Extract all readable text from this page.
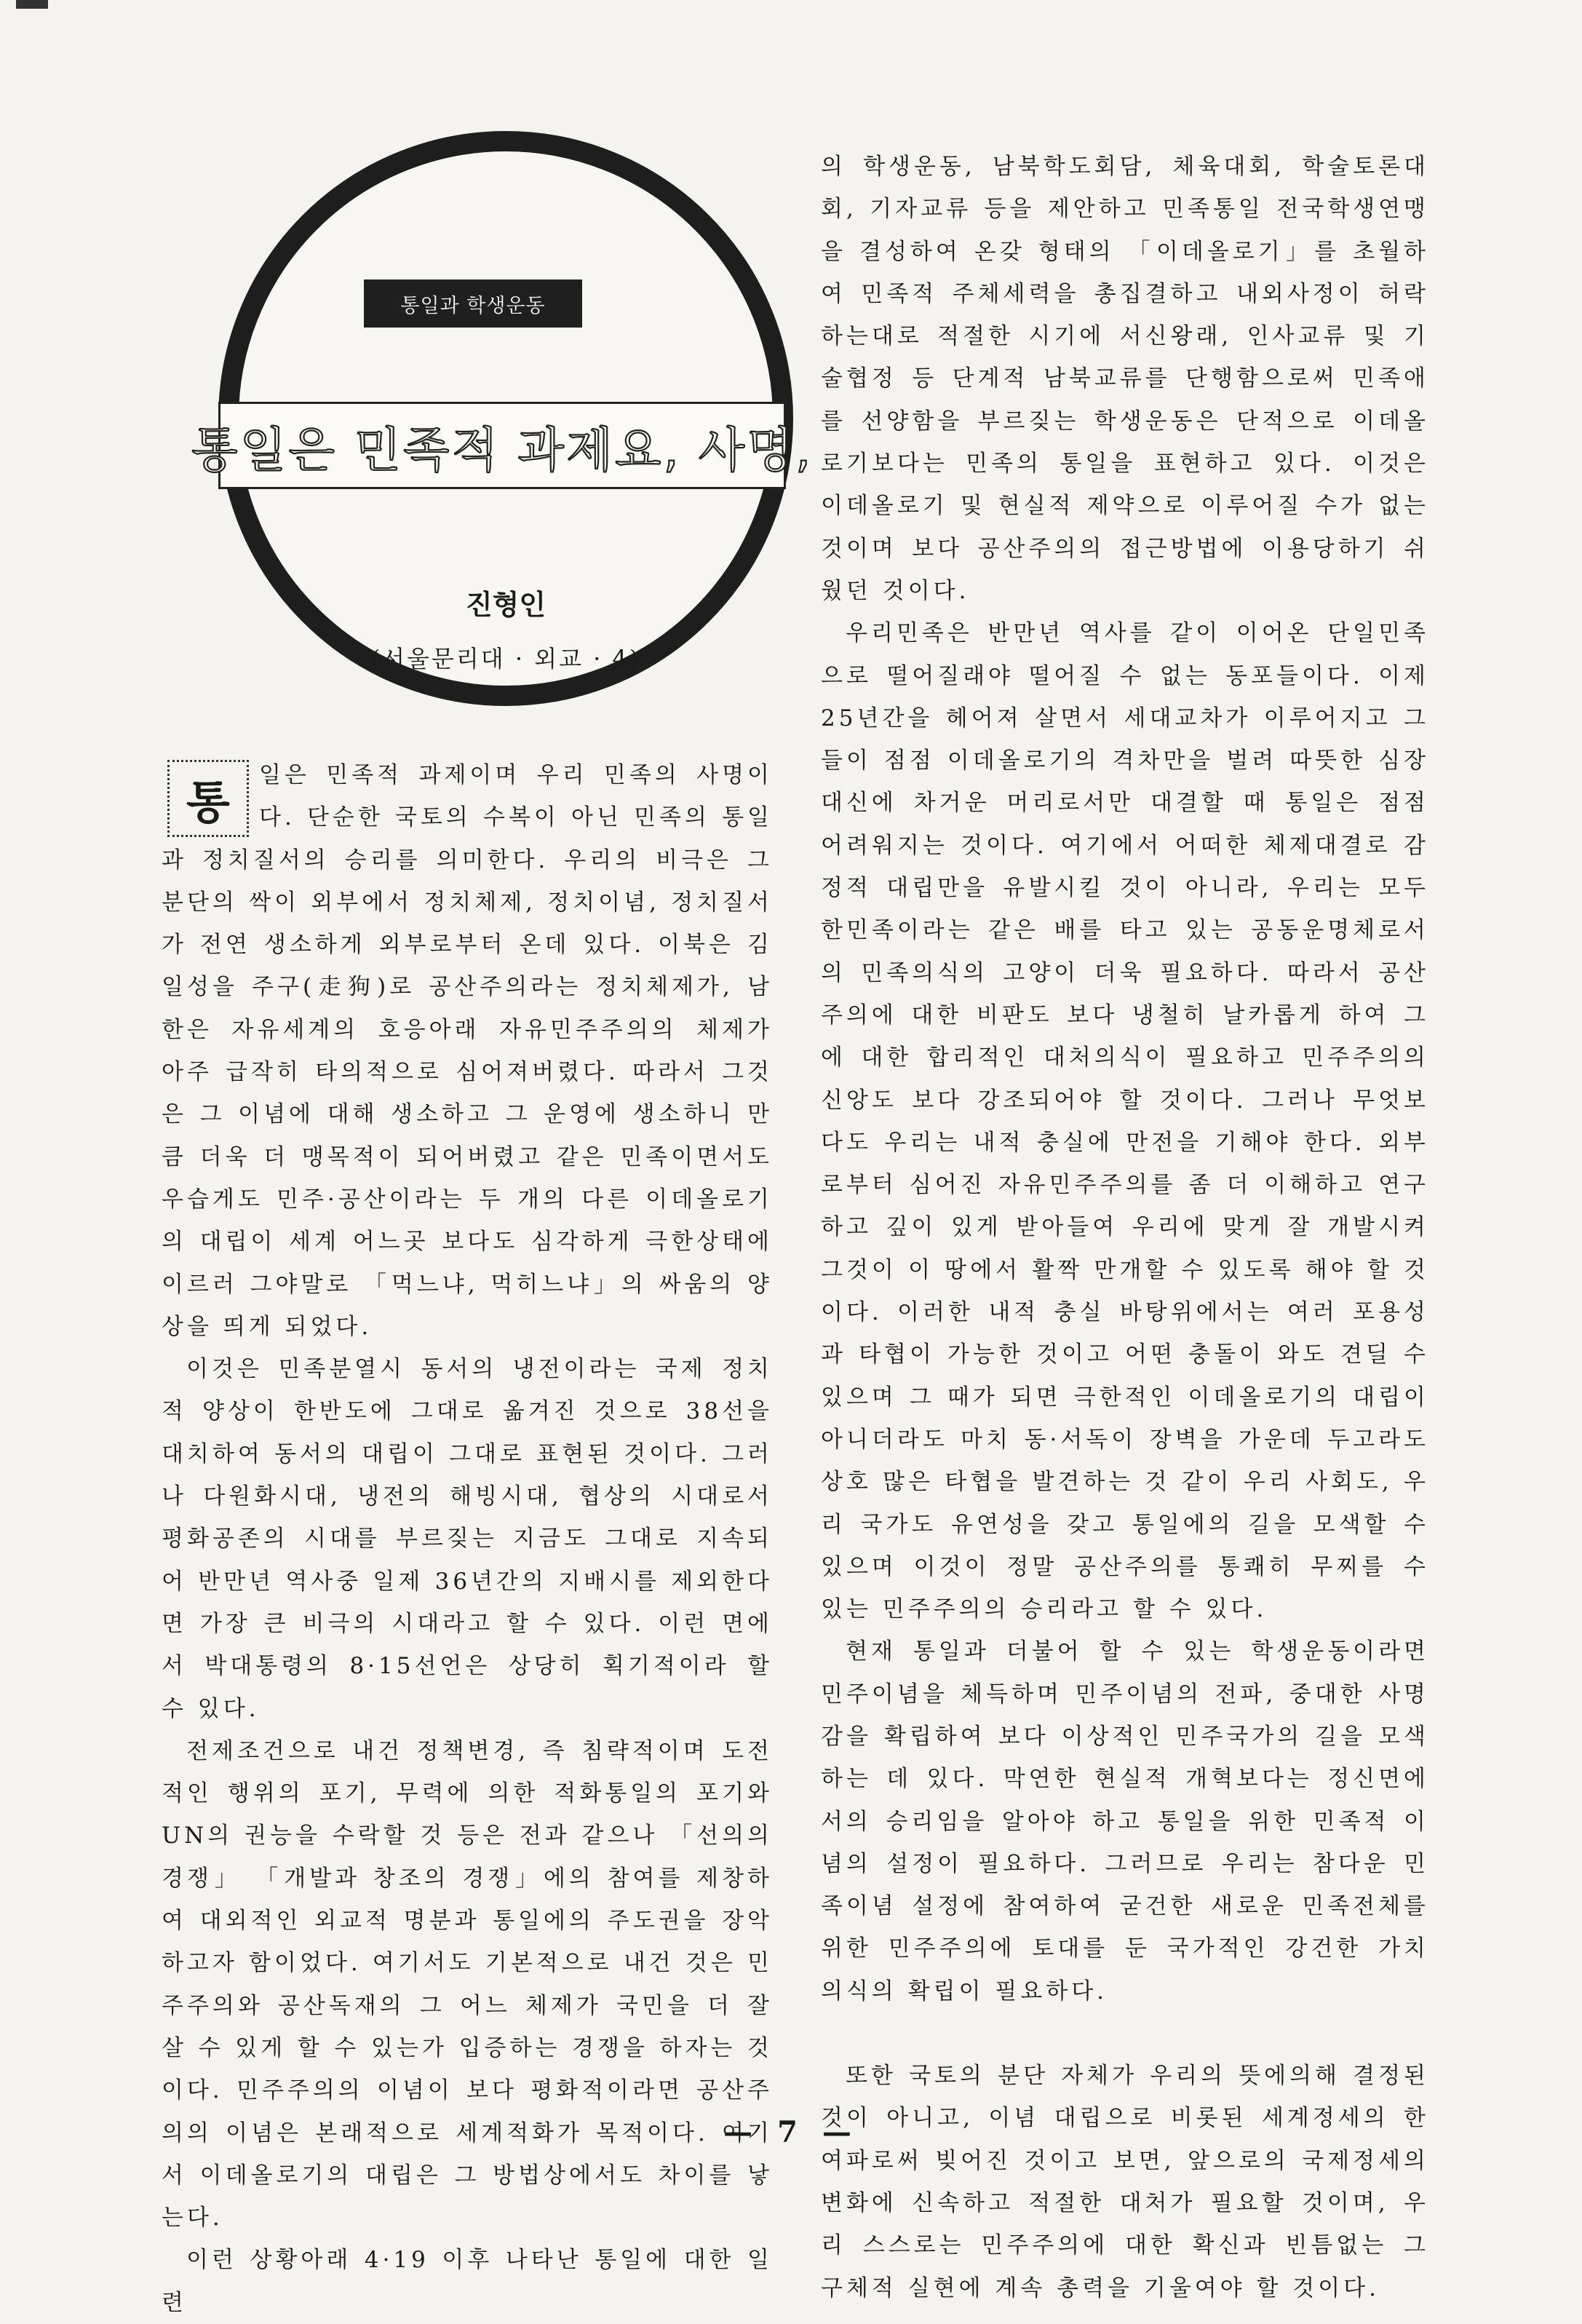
통일과 학생운동
통일은 민족적 과제요, 사명,
진형인
(서울문리대 · 외교 · 4)
통

일은 민족적 과제이며 우리 민족의 사명이다. 단순한 국토의 수복이 아닌 민족의 통일과 정치질서의 승리를 의미한다. 우리의 비극은 그 분단의 싹이 외부에서 정치체제, 정치이념, 정치질서가 전연 생소하게 외부로부터 온데 있다. 이북은 김일성을 주구(走狗)로 공산주의라는 정치체제가, 남한은 자유세계의 호응아래 자유민주주의의 체제가 아주 급작히 타의적으로 심어져버렸다. 따라서 그것은 그 이념에 대해 생소하고 그 운영에 생소하니 만큼 더욱 더 맹목적이 되어버렸고 같은 민족이면서도 우습게도 민주·공산이라는 두 개의 다른 이데올로기의 대립이 세계 어느곳 보다도 심각하게 극한상태에 이르러 그야말로 「먹느냐, 먹히느냐」의 싸움의 양상을 띄게 되었다.

이것은 민족분열시 동서의 냉전이라는 국제 정치적 양상이 한반도에 그대로 옮겨진 것으로 38선을 대치하여 동서의 대립이 그대로 표현된 것이다. 그러나 다원화시대, 냉전의 해빙시대, 협상의 시대로서 평화공존의 시대를 부르짖는 지금도 그대로 지속되어 반만년 역사중 일제 36년간의 지배시를 제외한다면 가장 큰 비극의 시대라고 할 수 있다. 이런 면에서 박대통령의 8·15선언은 상당히 획기적이라 할 수 있다.

전제조건으로 내건 정책변경, 즉 침략적이며 도전적인 행위의 포기, 무력에 의한 적화통일의 포기와 UN의 권능을 수락할 것 등은 전과 같으나 「선의의 경쟁」 「개발과 창조의 경쟁」에의 참여를 제창하여 대외적인 외교적 명분과 통일에의 주도권을 장악하고자 함이었다. 여기서도 기본적으로 내건 것은 민주주의와 공산독재의 그 어느 체제가 국민을 더 잘 살 수 있게 할 수 있는가 입증하는 경쟁을 하자는 것이다. 민주주의의 이념이 보다 평화적이라면 공산주의의 이념은 본래적으로 세계적화가 목적이다. 여기서 이데올로기의 대립은 그 방법상에서도 차이를 낳는다.

이런 상황아래 4·19 이후 나타난 통일에 대한 일련

의 학생운동, 남북학도회담, 체육대회, 학술토론대회, 기자교류 등을 제안하고 민족통일 전국학생연맹을 결성하여 온갖 형태의 「이데올로기」를 초월하여 민족적 주체세력을 총집결하고 내외사정이 허락하는대로 적절한 시기에 서신왕래, 인사교류 및 기술협정 등 단계적 남북교류를 단행함으로써 민족애를 선양함을 부르짖는 학생운동은 단적으로 이데올로기보다는 민족의 통일을 표현하고 있다. 이것은 이데올로기 및 현실적 제약으로 이루어질 수가 없는 것이며 보다 공산주의의 접근방법에 이용당하기 쉬웠던 것이다.

우리민족은 반만년 역사를 같이 이어온 단일민족으로 떨어질래야 떨어질 수 없는 동포들이다. 이제 25년간을 헤어져 살면서 세대교차가 이루어지고 그들이 점점 이데올로기의 격차만을 벌려 따뜻한 심장대신에 차거운 머리로서만 대결할 때 통일은 점점 어려워지는 것이다. 여기에서 어떠한 체제대결로 감정적 대립만을 유발시킬 것이 아니라, 우리는 모두 한민족이라는 같은 배를 타고 있는 공동운명체로서의 민족의식의 고양이 더욱 필요하다. 따라서 공산주의에 대한 비판도 보다 냉철히 날카롭게 하여 그에 대한 합리적인 대처의식이 필요하고 민주주의의 신앙도 보다 강조되어야 할 것이다. 그러나 무엇보다도 우리는 내적 충실에 만전을 기해야 한다. 외부로부터 심어진 자유민주주의를 좀 더 이해하고 연구하고 깊이 있게 받아들여 우리에 맞게 잘 개발시켜 그것이 이 땅에서 활짝 만개할 수 있도록 해야 할 것이다. 이러한 내적 충실 바탕위에서는 여러 포용성과 타협이 가능한 것이고 어떤 충돌이 와도 견딜 수 있으며 그 때가 되면 극한적인 이데올로기의 대립이 아니더라도 마치 동·서독이 장벽을 가운데 두고라도 상호 많은 타협을 발견하는 것 같이 우리 사회도, 우리 국가도 유연성을 갖고 통일에의 길을 모색할 수 있으며 이것이 정말 공산주의를 통쾌히 무찌를 수 있는 민주주의의 승리라고 할 수 있다.

현재 통일과 더불어 할 수 있는 학생운동이라면 민주이념을 체득하며 민주이념의 전파, 중대한 사명감을 확립하여 보다 이상적인 민주국가의 길을 모색하는 데 있다. 막연한 현실적 개혁보다는 정신면에서의 승리임을 알아야 하고 통일을 위한 민족적 이념의 설정이 필요하다. 그러므로 우리는 참다운 민족이념 설정에 참여하여 굳건한 새로운 민족전체를 위한 민주주의에 토대를 둔 국가적인 강건한 가치 의식의 확립이 필요하다.

또한 국토의 분단 자체가 우리의 뜻에의해 결정된 것이 아니고, 이념 대립으로 비롯된 세계정세의 한 여파로써 빚어진 것이고 보면, 앞으로의 국제정세의 변화에 신속하고 적절한 대처가 필요할 것이며, 우리 스스로는 민주주의에 대한 확신과 빈틈없는 그 구체적 실현에 계속 총력을 기울여야 할 것이다.

— 7 —
